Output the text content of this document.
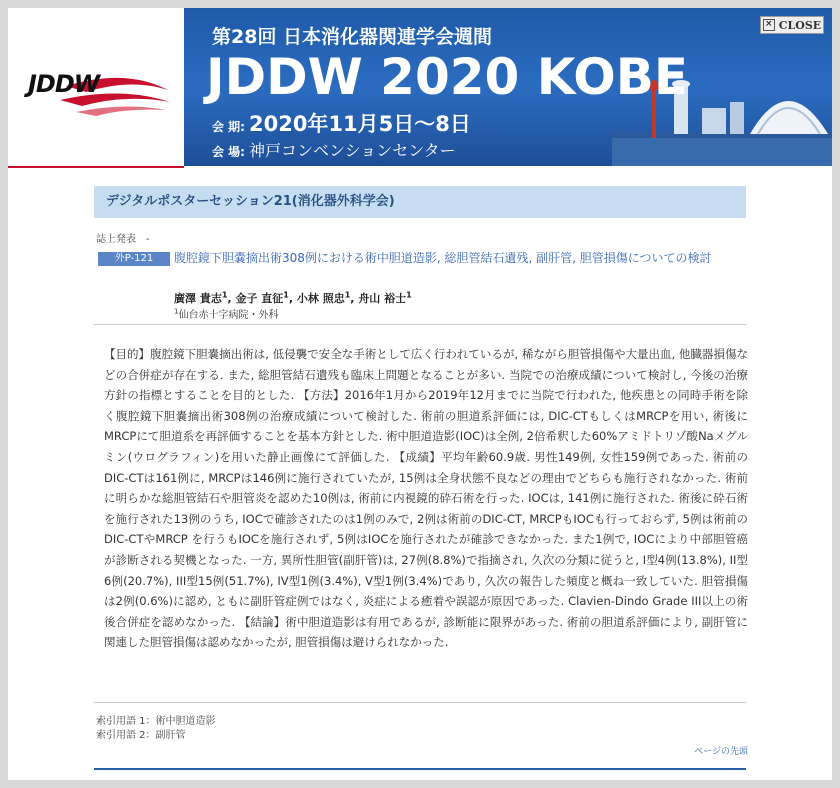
JDDW
第28回 日本消化器関連学会週間
JDDW 2020 KOBE
会 期: 2020年11月5日～8日
会 場: 神戸コンベンションセンター
× CLOSE
デジタルポスターセッション21(消化器外科学会)
誌上発表　-
外P-121	腹腔鏡下胆嚢摘出術308例における術中胆道造影, 総胆管結石遺残, 副肝管, 胆管損傷についての検討
廣澤 貴志$^1$, 金子 直征$^1$, 小林 照忠$^1$, 舟山 裕士$^1$
$^1$仙台赤十字病院・外科
【目的】腹腔鏡下胆嚢摘出術は, 低侵襲で安全な手術として広く行われているが, 稀ながら胆管損傷や大量出血, 他臓器損傷などの合併症が存在する. また, 総胆管結石遺残も臨床上問題となることが多い. 当院での治療成績について検討し, 今後の治療方針の指標とすることを目的とした. 【方法】2016年1月から2019年12月までに当院で行われた, 他疾患との同時手術を除く腹腔鏡下胆嚢摘出術308例の治療成績について検討した. 術前の胆道系評価には, DIC-CTもしくはMRCPを用い, 術後にMRCPにて胆道系を再評価することを基本方針とした. 術中胆道造影(IOC)は全例, 2倍希釈した60%アミドトリゾ酸Naメグルミン(ウログラフィン)を用いた静止画像にて評価した. 【成績】平均年齢60.9歳. 男性149例, 女性159例であった. 術前のDIC-CTは161例に, MRCPは146例に施行されていたが, 15例は全身状態不良などの理由でどちらも施行されなかった. 術前に明らかな総胆管結石や胆管炎を認めた10例は, 術前に内視鏡的砕石術を行った. IOCは, 141例に施行された. 術後に砕石術を施行された13例のうち, IOCで確診されたのは1例のみで, 2例は術前のDIC-CT, MRCPもIOCも行っておらず, 5例は術前のDIC-CTやMRCP を行うもIOCを施行されず, 5例はIOCを施行されたが確診できなかった. また1例で, IOCにより中部胆管癌が診断される契機となった. 一方, 異所性胆管(副肝管)は, 27例(8.8%)で指摘され, 久次の分類に従うと, I型4例(13.8%), II型6例(20.7%), III型15例(51.7%), IV型1例(3.4%), V型1例(3.4%)であり, 久次の報告した頻度と概ね一致していた. 胆管損傷は2例(0.6%)に認め, ともに副肝管症例ではなく, 炎症による癒着や誤認が原因であった. Clavien-Dindo Grade III以上の術後合併症を認めなかった. 【結論】術中胆道造影は有用であるが, 診断能に限界があった. 術前の胆道系評価により, 副肝管に関連した胆管損傷は認めなかったが, 胆管損傷は避けられなかった.
索引用語 1：術中胆道造影
索引用語 2：副肝管
ページの先頭
